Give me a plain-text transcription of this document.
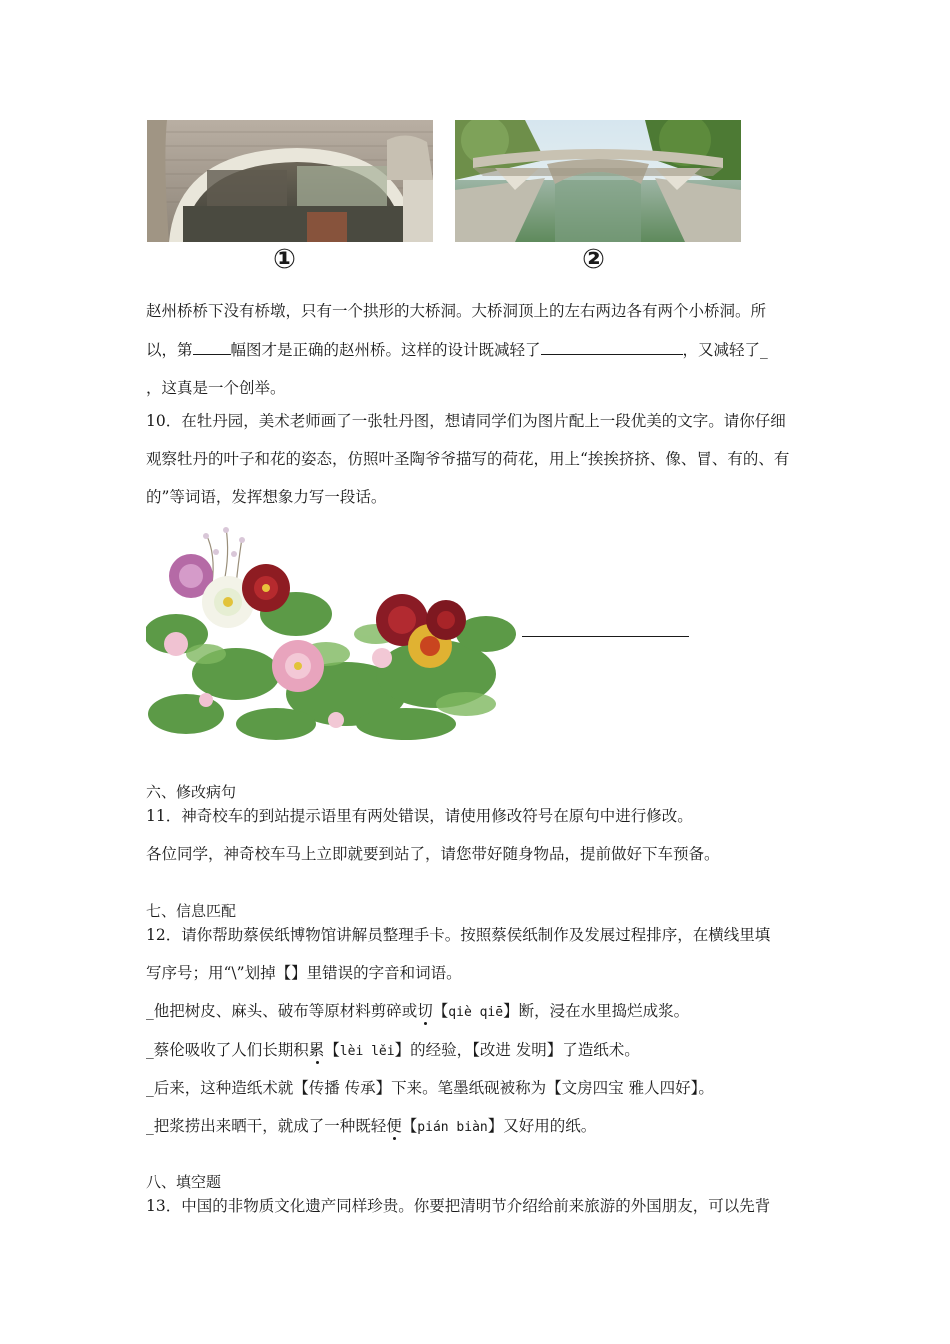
①	②
赵州桥桥下没有桥墩，只有一个拱形的大桥洞。大桥洞顶上的左右两边各有两个小桥洞。所
以，第 幅图才是正确的赵州桥。这样的设计既减轻了	，又减轻了_
，这真是一个创举。
10．在牡丹园，美术老师画了一张牡丹图，想请同学们为图片配上一段优美的文字。请你仔细
观察牡丹的叶子和花的姿态，仿照叶圣陶爷爷描写的荷花，用上“挨挨挤挤、像、冒、有的、有
的”等词语，发挥想象力写一段话。
六、修改病句
11．神奇校车的到站提示语里有两处错误，请使用修改符号在原句中进行修改。
各位同学，神奇校车马上立即就要到站了，请您带好随身物品，提前做好下车预备。
七、信息匹配
12．请你帮助蔡侯纸博物馆讲解员整理手卡。按照蔡侯纸制作及发展过程排序，在横线里填
写序号；用“\”划掉【】里错误的字音和词语。
_他把树皮、麻头、破布等原材料剪碎或切【qiè qiē】断，浸在水里捣烂成浆。
_蔡伦吸收了人们长期积累【lèi lěi】的经验，【改进 发明】了造纸术。
_后来，这种造纸术就【传播 传承】下来。笔墨纸砚被称为【文房四宝 雅人四好】。
_把浆捞出来晒干，就成了一种既轻便【pián biàn】又好用的纸。
八、填空题
13．中国的非物质文化遗产同样珍贵。你要把清明节介绍给前来旅游的外国朋友，可以先背
